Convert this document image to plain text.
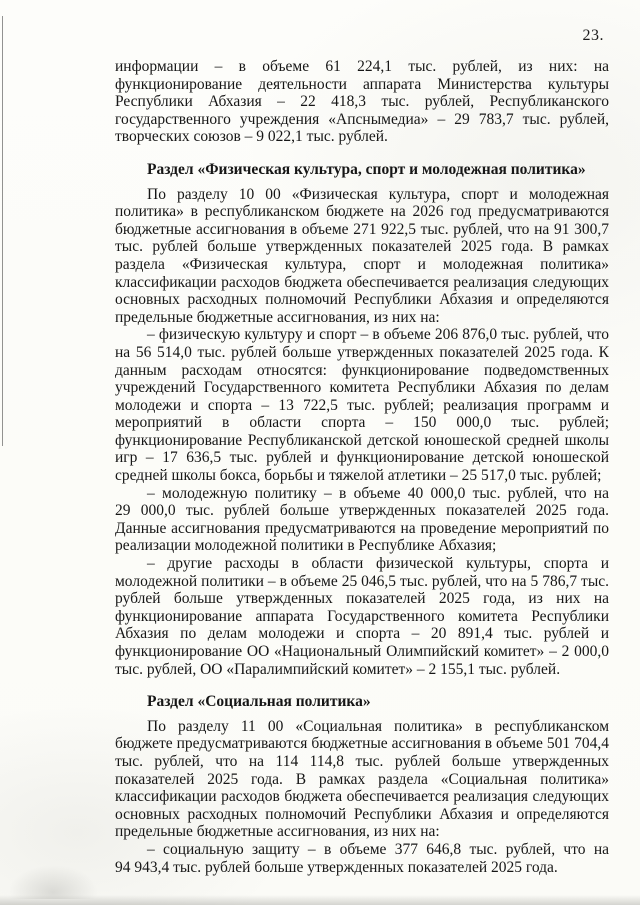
23.

информации – в объеме 61 224,1 тыс. рублей, из них: на функционирование деятельности аппарата Министерства культуры Республики Абхазия – 22 418,3 тыс. рублей, Республиканского государственного учреждения «Апснымедиа» – 29 783,7 тыс. рублей, творческих союзов – 9 022,1 тыс. рублей.

Раздел «Физическая культура, спорт и молодежная политика»

По разделу 10 00 «Физическая культура, спорт и молодежная политика» в республиканском бюджете на 2026 год предусматриваются бюджетные ассигнования в объеме 271 922,5 тыс. рублей, что на 91 300,7 тыс. рублей больше утвержденных показателей 2025 года. В рамках раздела «Физическая культура, спорт и молодежная политика» классификации расходов бюджета обеспечивается реализация следующих основных расходных полномочий Республики Абхазия и определяются предельные бюджетные ассигнования, из них на:

– физическую культуру и спорт – в объеме 206 876,0 тыс. рублей, что на 56 514,0 тыс. рублей больше утвержденных показателей 2025 года. К данным расходам относятся: функционирование подведомственных учреждений Государственного комитета Республики Абхазия по делам молодежи и спорта – 13 722,5 тыс. рублей; реализация программ и мероприятий в области спорта – 150 000,0 тыс. рублей; функционирование Республиканской детской юношеской средней школы игр – 17 636,5 тыс. рублей и функционирование детской юношеской средней школы бокса, борьбы и тяжелой атлетики – 25 517,0 тыс. рублей;

– молодежную политику – в объеме 40 000,0 тыс. рублей, что на 29 000,0 тыс. рублей больше утвержденных показателей 2025 года. Данные ассигнования предусматриваются на проведение мероприятий по реализации молодежной политики в Республике Абхазия;

– другие расходы в области физической культуры, спорта и молодежной политики – в объеме 25 046,5 тыс. рублей, что на 5 786,7 тыс. рублей больше утвержденных показателей 2025 года, из них на функционирование аппарата Государственного комитета Республики Абхазия по делам молодежи и спорта – 20 891,4 тыс. рублей и функционирование ОО «Национальный Олимпийский комитет» – 2 000,0 тыс. рублей, ОО «Паралимпийский комитет» – 2 155,1 тыс. рублей.

Раздел «Социальная политика»

По разделу 11 00 «Социальная политика» в республиканском бюджете предусматриваются бюджетные ассигнования в объеме 501 704,4 тыс. рублей, что на 114 114,8 тыс. рублей больше утвержденных показателей 2025 года. В рамках раздела «Социальная политика» классификации расходов бюджета обеспечивается реализация следующих основных расходных полномочий Республики Абхазия и определяются предельные бюджетные ассигнования, из них на:

– социальную защиту – в объеме 377 646,8 тыс. рублей, что на 94 943,4 тыс. рублей больше утвержденных показателей 2025 года.
